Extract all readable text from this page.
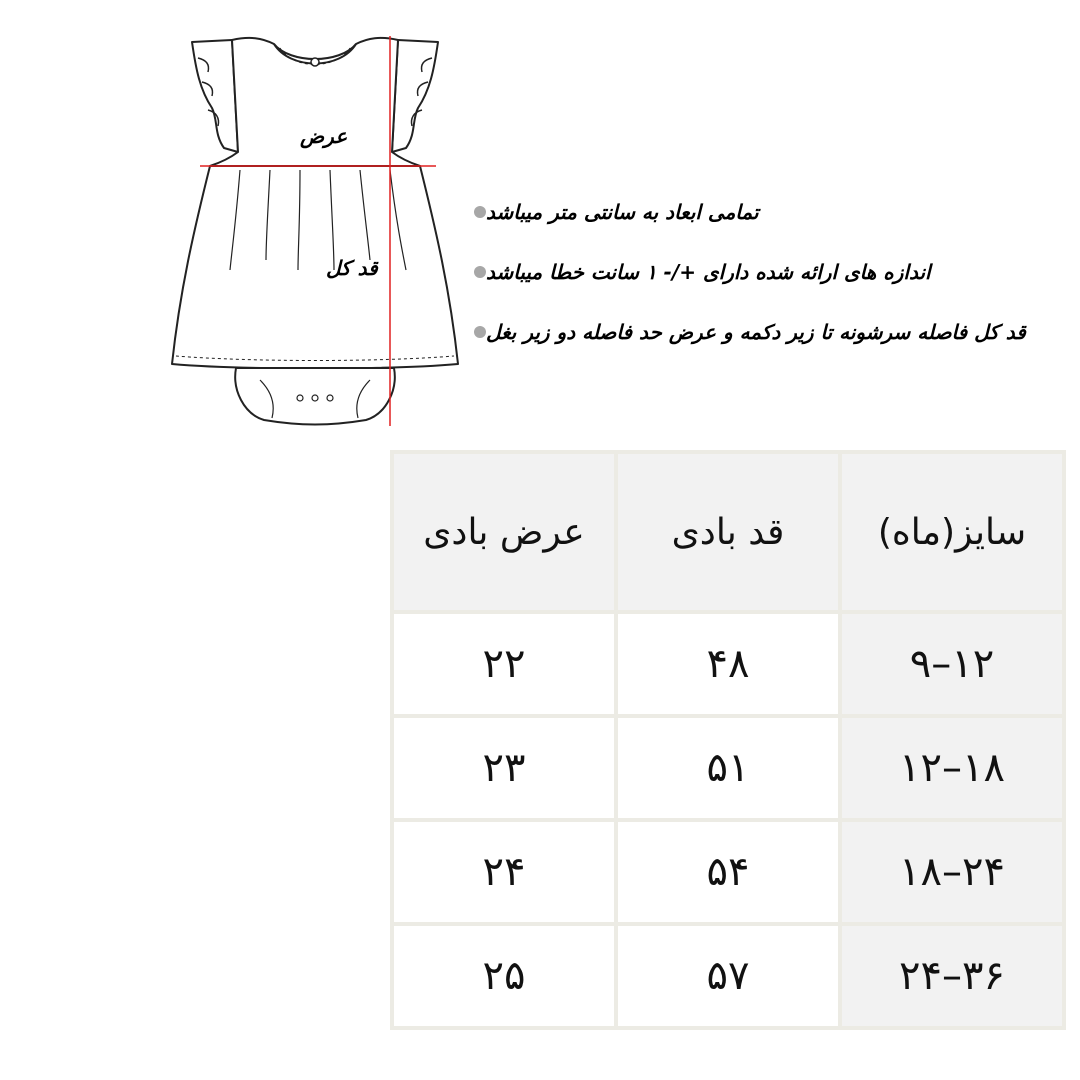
عرض
قد کل
تمامی ابعاد به سانتی متر میباشد
اندازه های ارائه شده دارای +/- ۱ سانت خطا میباشد
قد کل فاصله سرشونه تا زیر دکمه و عرض حد فاصله دو زیر بغل
عرض بادی	قد بادی	سایز(ماه)
۲۲	۴۸	۹–۱۲
۲۳	۵۱	۱۲–۱۸
۲۴	۵۴	۱۸–۲۴
۲۵	۵۷	۲۴–۳۶
